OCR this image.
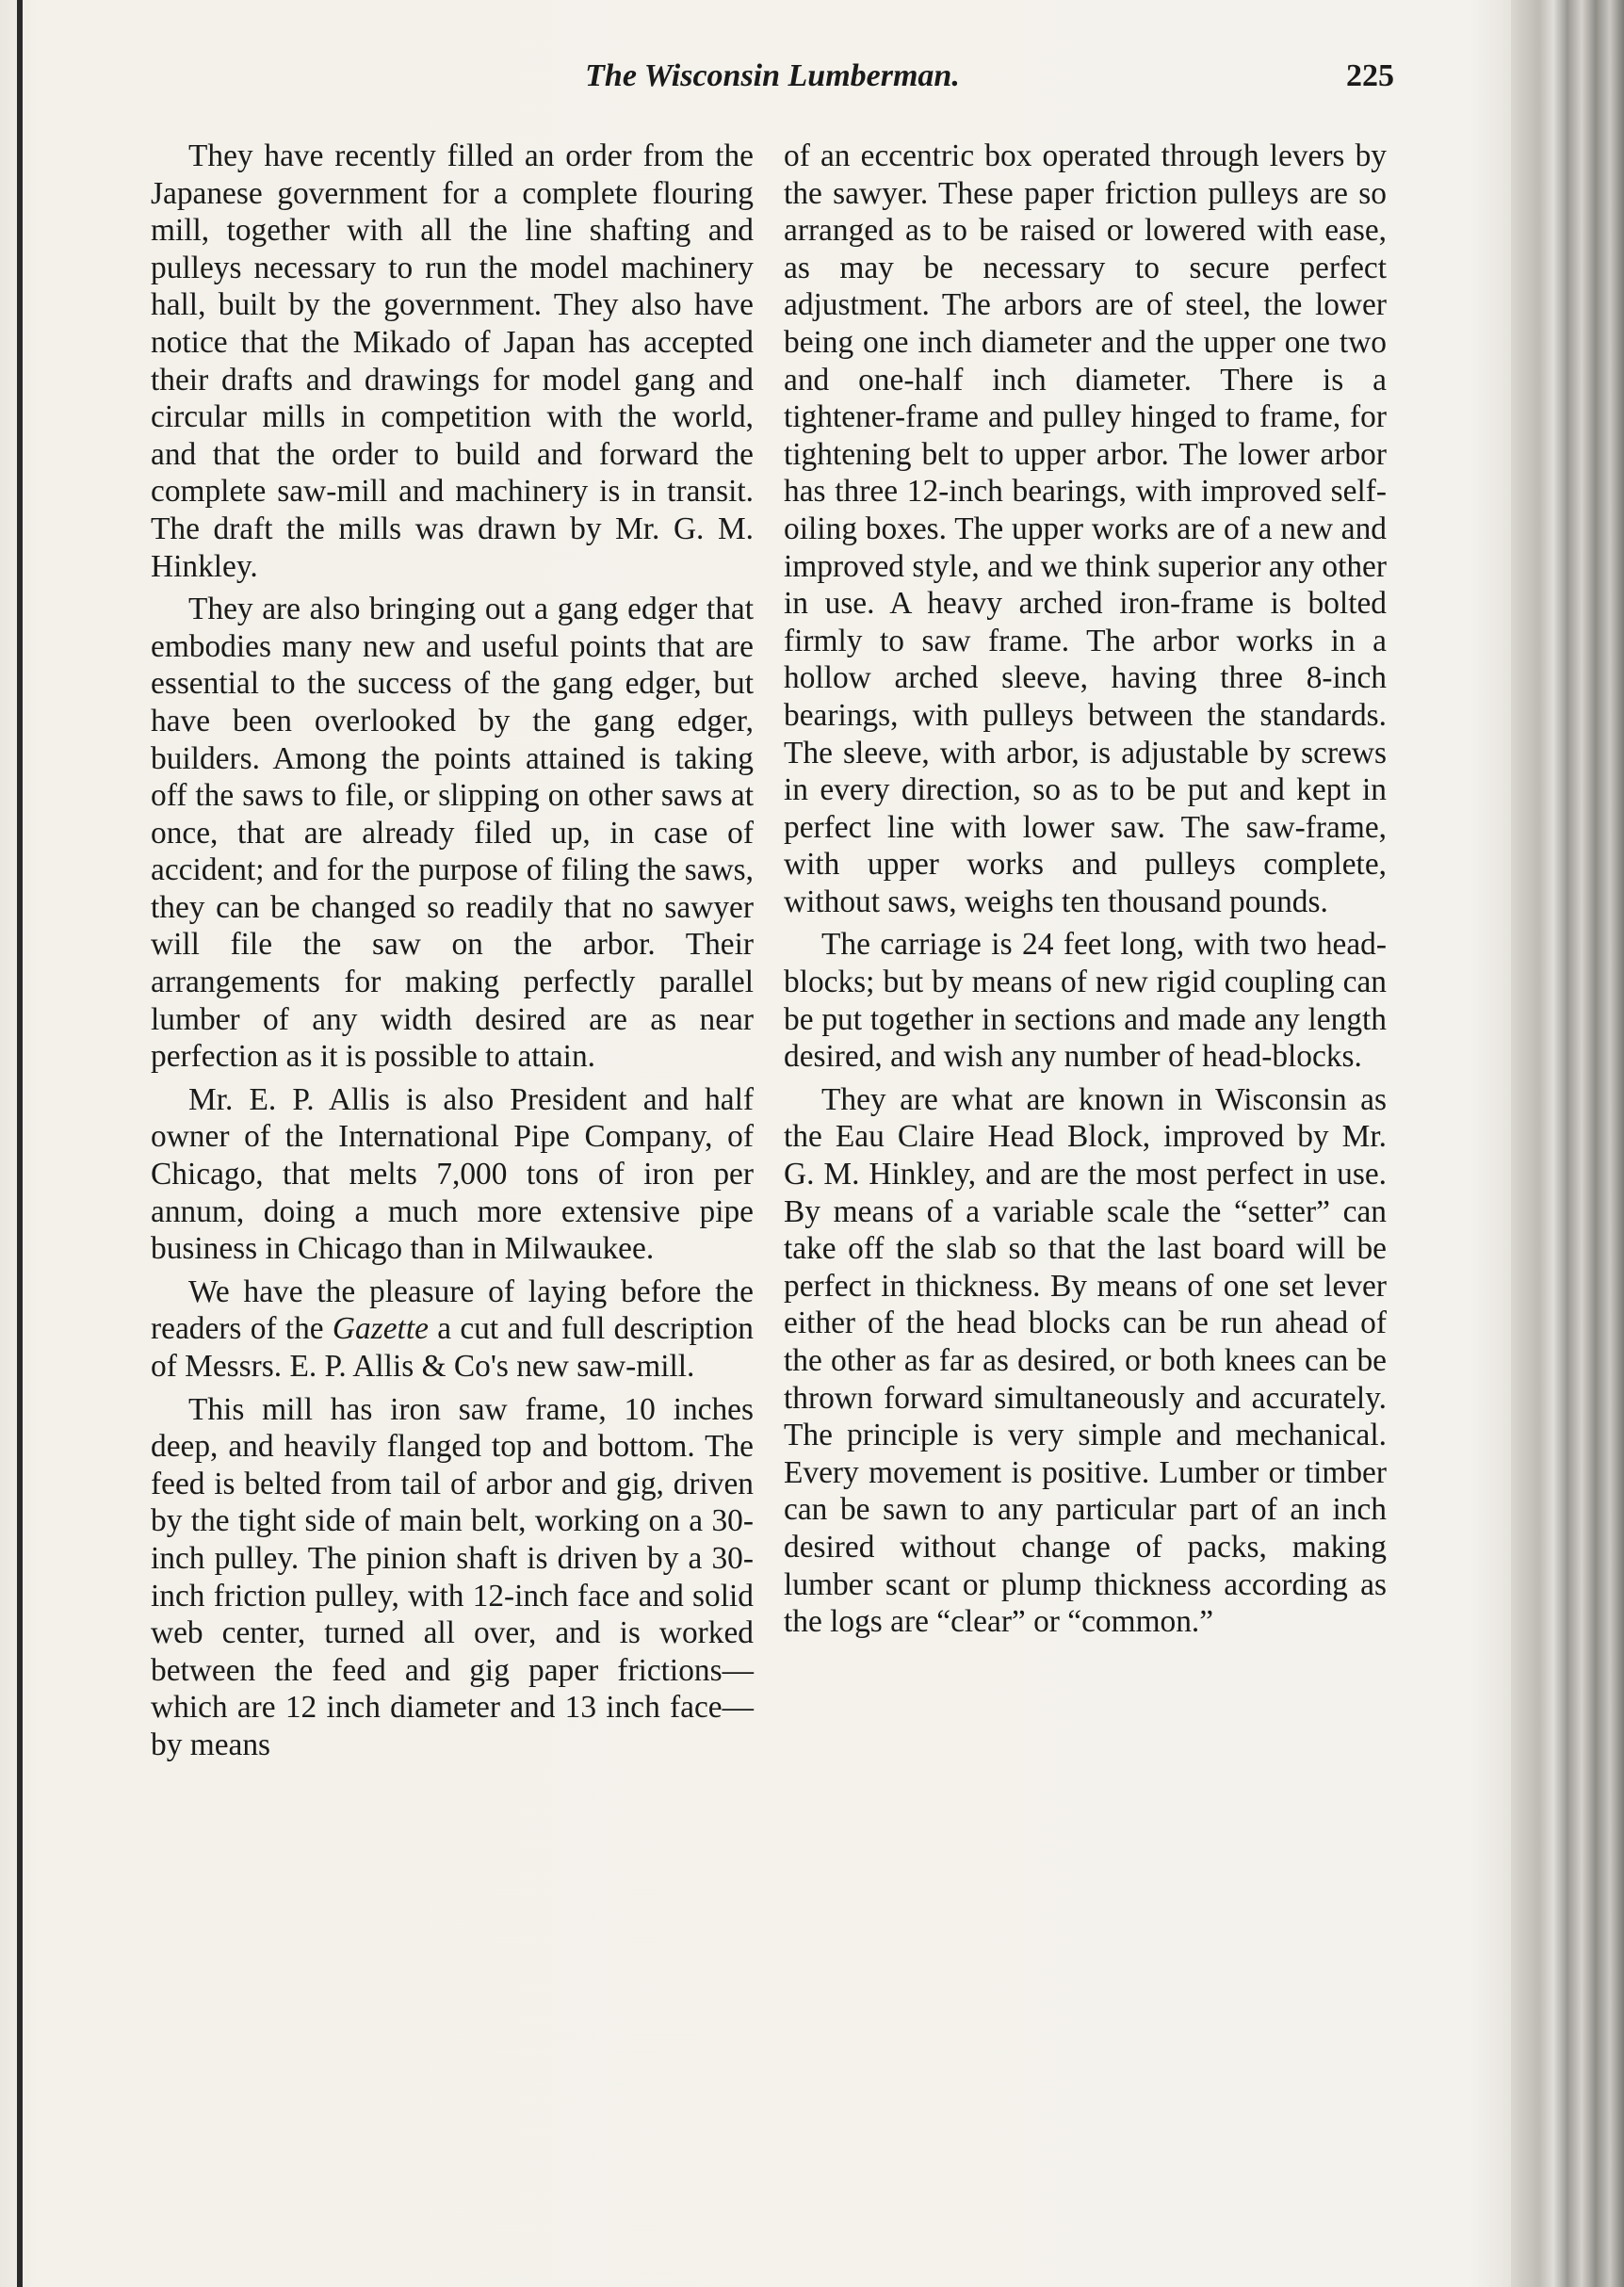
The Wisconsin Lumberman.	225

They have recently filled an order from the Japanese government for a complete flouring mill, together with all the line shafting and pulleys necessary to run the model machinery hall, built by the government. They also have notice that the Mikado of Japan has accepted their drafts and drawings for model gang and circular mills in competition with the world, and that the order to build and forward the complete saw-mill and machinery is in transit. The draft the mills was drawn by Mr. G. M. Hinkley.

They are also bringing out a gang edger that embodies many new and useful points that are essential to the success of the gang edger, but have been overlooked by the gang edger, builders. Among the points attained is taking off the saws to file, or slipping on other saws at once, that are already filed up, in case of accident; and for the purpose of filing the saws, they can be changed so readily that no sawyer will file the saw on the arbor. Their arrangements for making perfectly parallel lumber of any width desired are as near perfection as it is possible to attain.

Mr. E. P. Allis is also President and half owner of the International Pipe Company, of Chicago, that melts 7,000 tons of iron per annum, doing a much more extensive pipe business in Chicago than in Milwaukee.

We have the pleasure of laying before the readers of the Gazette a cut and full description of Messrs. E. P. Allis & Co's new saw-mill.

This mill has iron saw frame, 10 inches deep, and heavily flanged top and bottom. The feed is belted from tail of arbor and gig, driven by the tight side of main belt, working on a 30-inch pulley. The pinion shaft is driven by a 30-inch friction pulley, with 12-inch face and solid web center, turned all over, and is worked between the feed and gig paper frictions—which are 12 inch diameter and 13 inch face—by means

of an eccentric box operated through levers by the sawyer. These paper friction pulleys are so arranged as to be raised or lowered with ease, as may be necessary to secure perfect adjustment. The arbors are of steel, the lower being one inch diameter and the upper one two and one-half inch diameter. There is a tightener-frame and pulley hinged to frame, for tightening belt to upper arbor. The lower arbor has three 12-inch bearings, with improved self-oiling boxes. The upper works are of a new and improved style, and we think superior any other in use. A heavy arched iron-frame is bolted firmly to saw frame. The arbor works in a hollow arched sleeve, having three 8-inch bearings, with pulleys between the standards. The sleeve, with arbor, is adjustable by screws in every direction, so as to be put and kept in perfect line with lower saw. The saw-frame, with upper works and pulleys complete, without saws, weighs ten thousand pounds.

The carriage is 24 feet long, with two head-blocks; but by means of new rigid coupling can be put together in sections and made any length desired, and wish any number of head-blocks.

They are what are known in Wisconsin as the Eau Claire Head Block, improved by Mr. G. M. Hinkley, and are the most perfect in use. By means of a variable scale the “setter” can take off the slab so that the last board will be perfect in thickness. By means of one set lever either of the head blocks can be run ahead of the other as far as desired, or both knees can be thrown forward simultaneously and accurately. The principle is very simple and mechanical. Every movement is positive. Lumber or timber can be sawn to any particular part of an inch desired without change of packs, making lumber scant or plump thickness according as the logs are “clear” or “common.”
